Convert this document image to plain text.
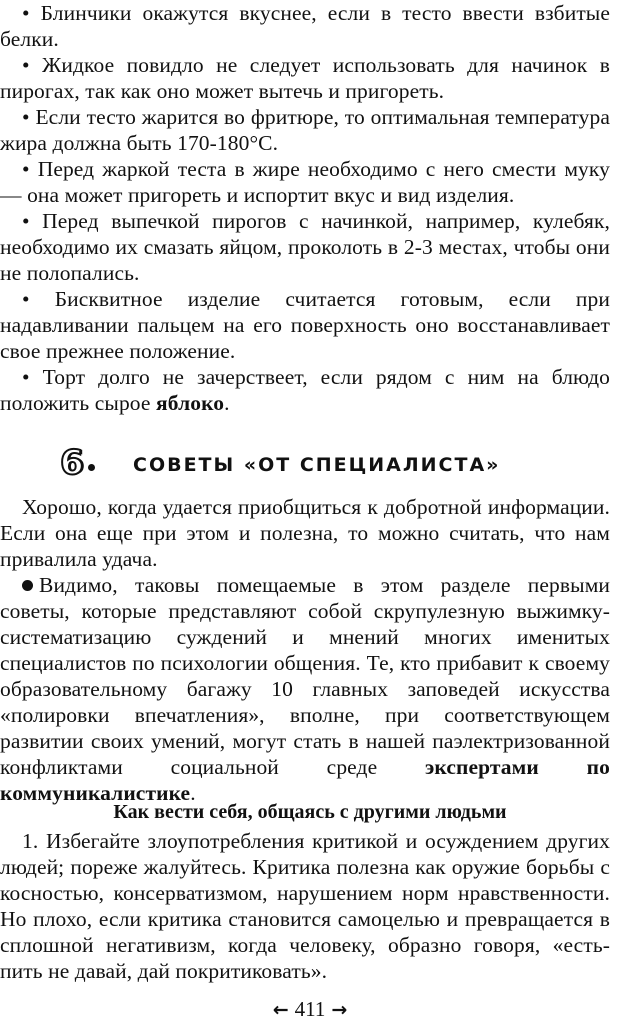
• Блинчики окажутся вкуснее, если в тесто ввести взбитые белки.

• Жидкое повидло не следует использовать для начинок в пирогах, так как оно может вытечь и пригореть.

• Если тесто жарится во фритюре, то оптимальная температура жира должна быть 170-180°С.

• Перед жаркой теста в жире необходимо с него смести муку — она может пригореть и испортит вкус и вид изделия.

• Перед выпечкой пирогов с начинкой, например, кулебяк, необходимо их смазать яйцом, проколоть в 2-3 местах, чтобы они не полопались.

• Бисквитное изделие считается готовым, если при надавливании пальцем на его поверхность оно восстанавливает свое прежнее положение.

• Торт долго не зачерствеет, если рядом с ним на блюдо положить сырое яблоко.

6	СОВЕТЫ «ОТ СПЕЦИАЛИСТА»

Хорошо, когда удается приобщиться к добротной информации. Если она еще при этом и полезна, то можно считать, что нам привалила удача.

Видимо, таковы помещаемые в этом разделе первыми советы, которые представляют собой скрупулезную выжимку-систематизацию суждений и мнений многих именитых специалистов по психологии общения. Те, кто прибавит к своему образовательному багажу 10 главных заповедей искусства «полировки впечатления», вполне, при соответствующем развитии своих умений, могут стать в нашей паэлектризованной конфликтами социальной среде экспертами по коммуникалистике.

Как вести себя, общаясь с другими людьми

1. Избегайте злоупотребления критикой и осуждением других людей; пореже жалуйтесь. Критика полезна как оружие борьбы с косностью, консерватизмом, нарушением норм нравственности. Но плохо, если критика становится самоцелью и превращается в сплошной негативизм, когда человеку, образно говоря, «есть-пить не давай, дай покритиковать».

← 411 →
